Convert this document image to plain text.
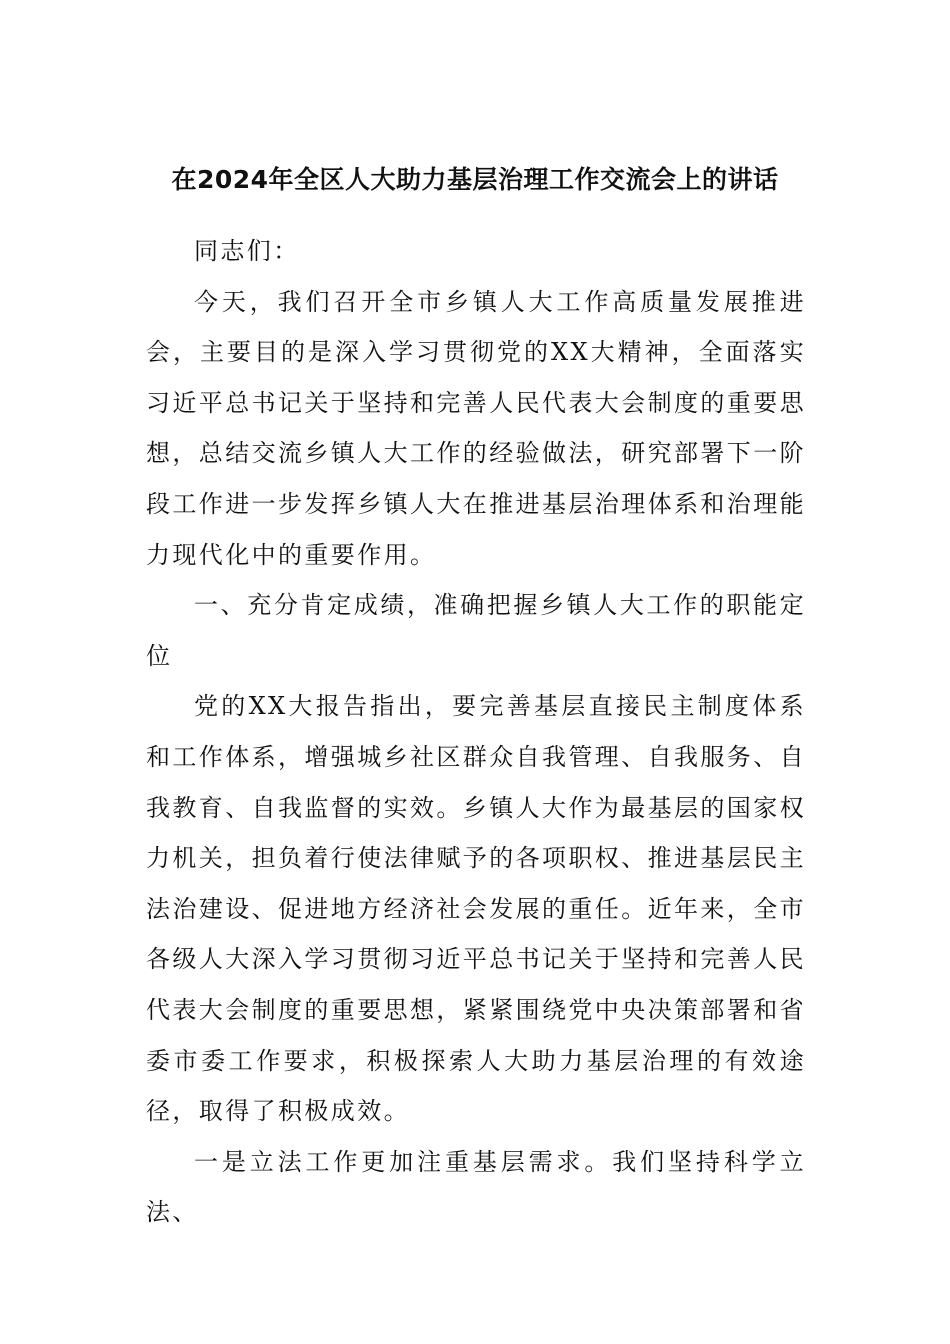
在2024年全区人大助力基层治理工作交流会上的讲话

同志们：

今天，我们召开全市乡镇人大工作高质量发展推进会，主要目的是深入学习贯彻党的XX大精神，全面落实习近平总书记关于坚持和完善人民代表大会制度的重要思想，总结交流乡镇人大工作的经验做法，研究部署下一阶段工作进一步发挥乡镇人大在推进基层治理体系和治理能力现代化中的重要作用。

一、充分肯定成绩，准确把握乡镇人大工作的职能定位

党的XX大报告指出，要完善基层直接民主制度体系和工作体系，增强城乡社区群众自我管理、自我服务、自我教育、自我监督的实效。乡镇人大作为最基层的国家权力机关，担负着行使法律赋予的各项职权、推进基层民主法治建设、促进地方经济社会发展的重任。近年来，全市各级人大深入学习贯彻习近平总书记关于坚持和完善人民代表大会制度的重要思想，紧紧围绕党中央决策部署和省委市委工作要求，积极探索人大助力基层治理的有效途径，取得了积极成效。

一是立法工作更加注重基层需求。我们坚持科学立法、
